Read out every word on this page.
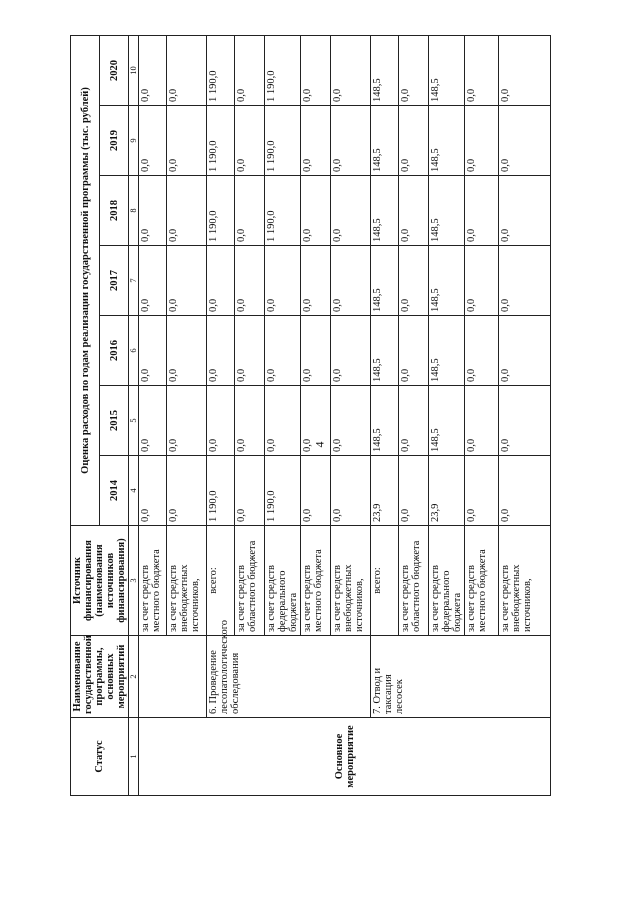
4
Статус	Наименование государственной программы, основных мероприятий	Источник финансирования (наименования источников финансирования)	Оценка расходов по годам реализации государственной программы (тыс. рублей)						
			2014	2015	2016	2017	2018	2019	2020
1	2	3	4	5	6	7	8	9	10
Основное мероприятие		за счет средств местного бюджета	0,0	0,0	0,0	0,0	0,0	0,0	0,0
		за счет средств внебюджетных источников,	0,0	0,0	0,0	0,0	0,0	0,0	0,0
	6. Проведение лесопатологического обследования	всего:	1 190,0	0,0	0,0	0,0	1 190,0	1 190,0	1 190,0
		за счет средств областного бюджета	0,0	0,0	0,0	0,0	0,0	0,0	0,0
		за счет средств федерального бюджета	1 190,0	0,0	0,0	0,0	1 190,0	1 190,0	1 190,0
		за счет средств местного бюджета	0,0	0,0	0,0	0,0	0,0	0,0	0,0
		за счет средств внебюджетных источников,	0,0	0,0	0,0	0,0	0,0	0,0	0,0
	7. Отвод и таксация лесосек	всего:	23,9	148,5	148,5	148,5	148,5	148,5	148,5
		за счет средств областного бюджета	0,0	0,0	0,0	0,0	0,0	0,0	0,0
		за счет средств федерального бюджета	23,9	148,5	148,5	148,5	148,5	148,5	148,5
		за счет средств местного бюджета	0,0	0,0	0,0	0,0	0,0	0,0	0,0
		за счет средств внебюджетных источников,	0,0	0,0	0,0	0,0	0,0	0,0	0,0
